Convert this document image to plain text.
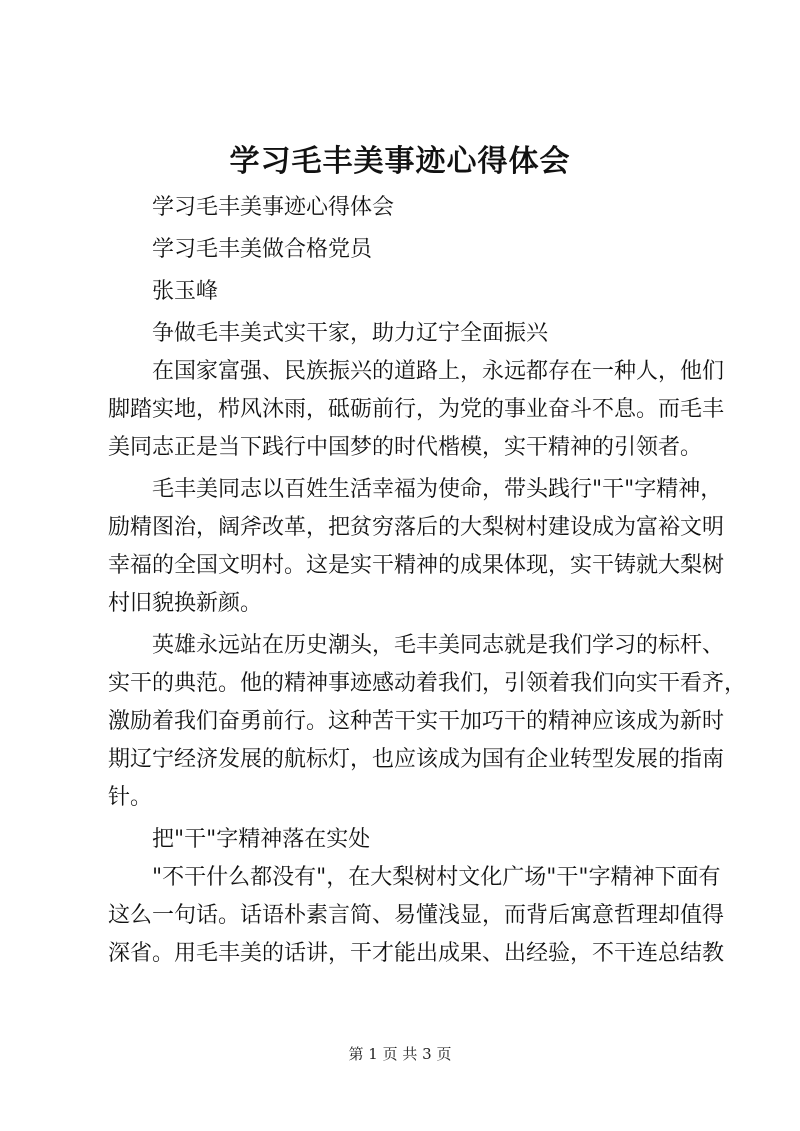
学习毛丰美事迹心得体会
学习毛丰美事迹心得体会
学习毛丰美做合格党员
张玉峰
争做毛丰美式实干家，助力辽宁全面振兴
在国家富强、民族振兴的道路上，永远都存在一种人，他们
脚踏实地，栉风沐雨，砥砺前行，为党的事业奋斗不息。而毛丰
美同志正是当下践行中国梦的时代楷模，实干精神的引领者。
毛丰美同志以百姓生活幸福为使命，带头践行"干"字精神，
励精图治，阔斧改革，把贫穷落后的大梨树村建设成为富裕文明
幸福的全国文明村。这是实干精神的成果体现，实干铸就大梨树
村旧貌换新颜。
英雄永远站在历史潮头，毛丰美同志就是我们学习的标杆、
实干的典范。他的精神事迹感动着我们，引领着我们向实干看齐，
激励着我们奋勇前行。这种苦干实干加巧干的精神应该成为新时
期辽宁经济发展的航标灯，也应该成为国有企业转型发展的指南
针。
把"干"字精神落在实处
"不干什么都没有"，在大梨树村文化广场"干"字精神下面有
这么一句话。话语朴素言简、易懂浅显，而背后寓意哲理却值得
深省。用毛丰美的话讲，干才能出成果、出经验，不干连总结教
第 1 页 共 3 页
